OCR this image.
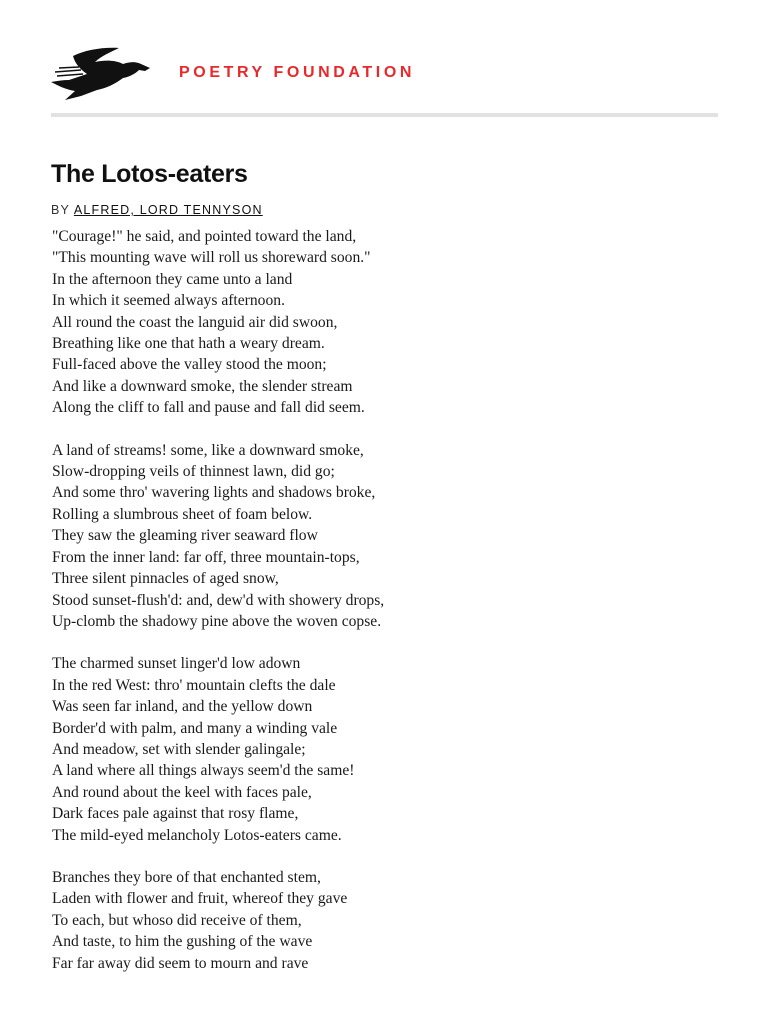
POETRY FOUNDATION
The Lotos-eaters
BY ALFRED, LORD TENNYSON
"Courage!" he said, and pointed toward the land,
"This mounting wave will roll us shoreward soon."
In the afternoon they came unto a land
In which it seemed always afternoon.
All round the coast the languid air did swoon,
Breathing like one that hath a weary dream.
Full-faced above the valley stood the moon;
And like a downward smoke, the slender stream
Along the cliff to fall and pause and fall did seem.
A land of streams! some, like a downward smoke,
Slow-dropping veils of thinnest lawn, did go;
And some thro' wavering lights and shadows broke,
Rolling a slumbrous sheet of foam below.
They saw the gleaming river seaward flow
From the inner land: far off, three mountain-tops,
Three silent pinnacles of aged snow,
Stood sunset-flush'd: and, dew'd with showery drops,
Up-clomb the shadowy pine above the woven copse.
The charmed sunset linger'd low adown
In the red West: thro' mountain clefts the dale
Was seen far inland, and the yellow down
Border'd with palm, and many a winding vale
And meadow, set with slender galingale;
A land where all things always seem'd the same!
And round about the keel with faces pale,
Dark faces pale against that rosy flame,
The mild-eyed melancholy Lotos-eaters came.
Branches they bore of that enchanted stem,
Laden with flower and fruit, whereof they gave
To each, but whoso did receive of them,
And taste, to him the gushing of the wave
Far far away did seem to mourn and rave
